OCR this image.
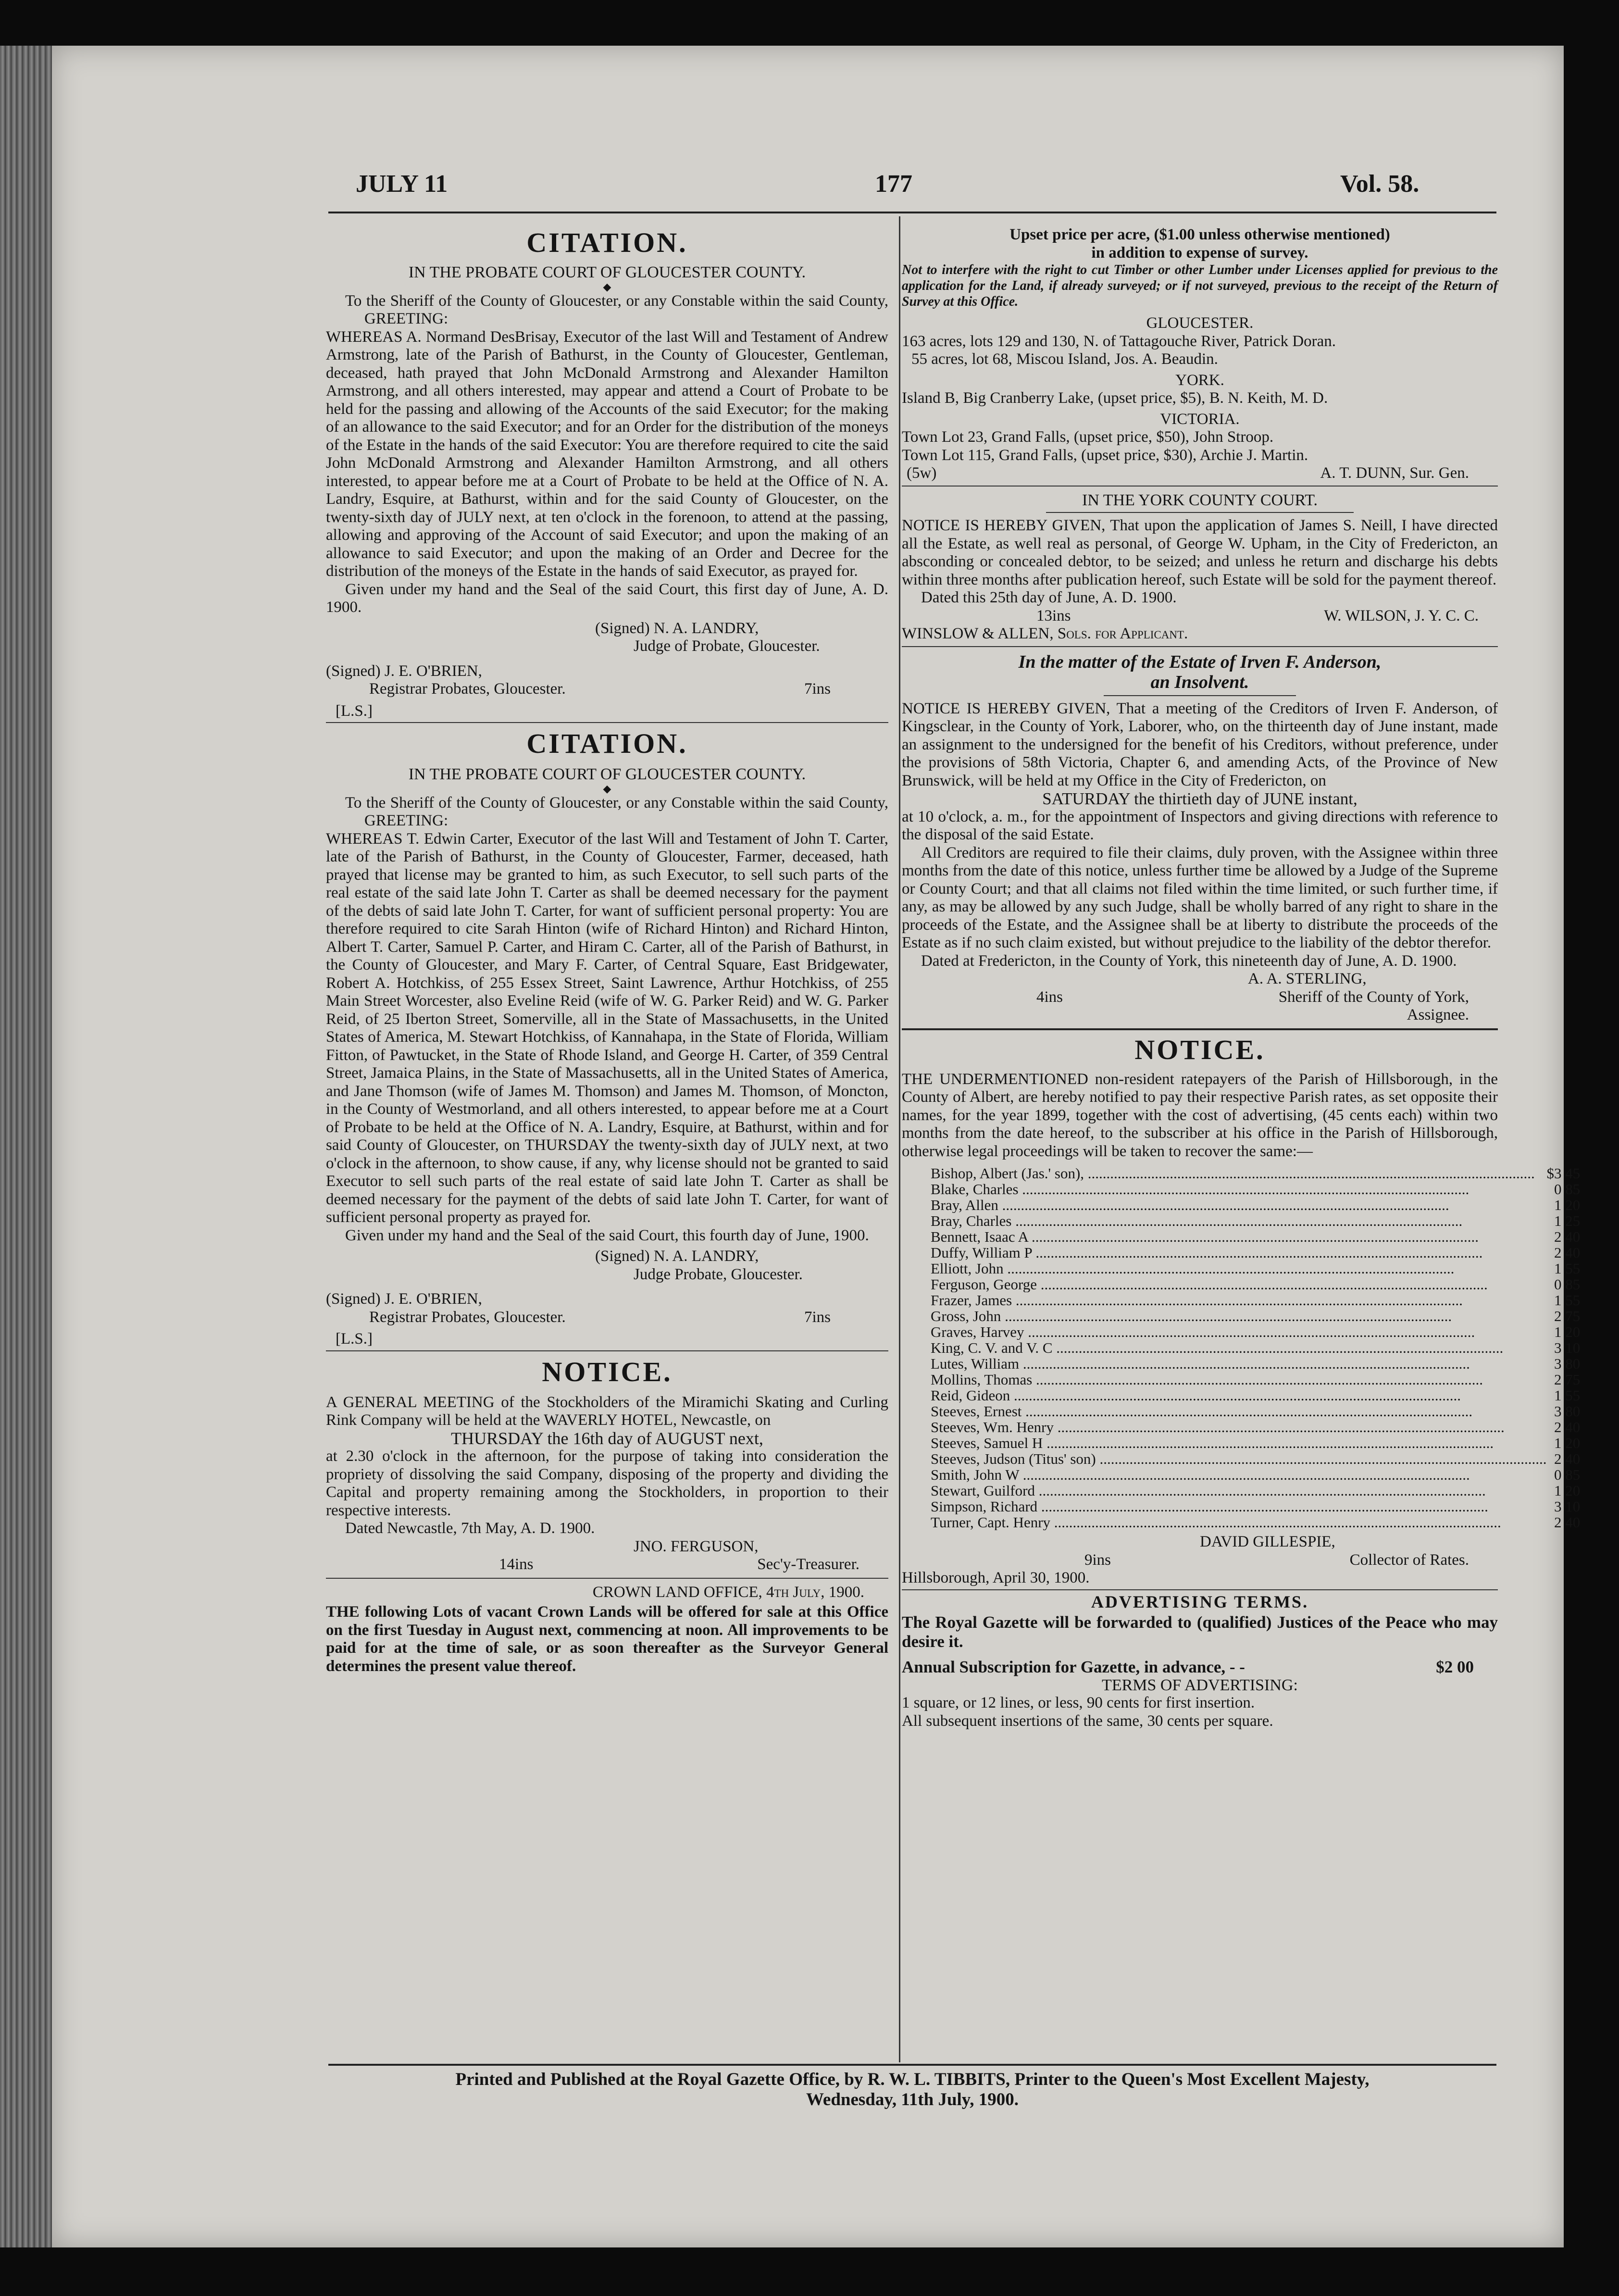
JULY 11	177	Vol. 58.
CITATION.

IN THE PROBATE COURT OF GLOUCESTER COUNTY.

◆

To the Sheriff of the County of Gloucester, or any Constable within the said County, GREETING:

WHEREAS A. Normand DesBrisay, Executor of the last Will and Testament of Andrew Armstrong, late of the Parish of Bathurst, in the County of Gloucester, Gentleman, deceased, hath prayed that John McDonald Armstrong and Alexander Hamilton Armstrong, and all others interested, may appear and attend a Court of Probate to be held for the passing and allowing of the Accounts of the said Executor; for the making of an allowance to the said Executor; and for an Order for the distribution of the moneys of the Estate in the hands of the said Executor: You are therefore required to cite the said John McDonald Armstrong and Alexander Hamilton Armstrong, and all others interested, to appear before me at a Court of Probate to be held at the Office of N. A. Landry, Esquire, at Bathurst, within and for the said County of Gloucester, on the twenty-sixth day of JULY next, at ten o'clock in the forenoon, to attend at the passing, allowing and approving of the Account of said Executor; and upon the making of an allowance to said Executor; and upon the making of an Order and Decree for the distribution of the moneys of the Estate in the hands of said Executor, as prayed for.

Given under my hand and the Seal of the said Court, this first day of June, A. D. 1900.

(Signed) N. A. LANDRY,

Judge of Probate, Gloucester.

(Signed) J. E. O'BRIEN,

Registrar Probates, Gloucester.	7ins

[L.S.]

CITATION.

IN THE PROBATE COURT OF GLOUCESTER COUNTY.

◆

To the Sheriff of the County of Gloucester, or any Constable within the said County, GREETING:

WHEREAS T. Edwin Carter, Executor of the last Will and Testament of John T. Carter, late of the Parish of Bathurst, in the County of Gloucester, Farmer, deceased, hath prayed that license may be granted to him, as such Executor, to sell such parts of the real estate of the said late John T. Carter as shall be deemed necessary for the payment of the debts of said late John T. Carter, for want of sufficient personal property: You are therefore required to cite Sarah Hinton (wife of Richard Hinton) and Richard Hinton, Albert T. Carter, Samuel P. Carter, and Hiram C. Carter, all of the Parish of Bathurst, in the County of Gloucester, and Mary F. Carter, of Central Square, East Bridgewater, Robert A. Hotchkiss, of 255 Essex Street, Saint Lawrence, Arthur Hotchkiss, of 255 Main Street Worcester, also Eveline Reid (wife of W. G. Parker Reid) and W. G. Parker Reid, of 25 Iberton Street, Somerville, all in the State of Massachusetts, in the United States of America, M. Stewart Hotchkiss, of Kannahapa, in the State of Florida, William Fitton, of Pawtucket, in the State of Rhode Island, and George H. Carter, of 359 Central Street, Jamaica Plains, in the State of Massachusetts, all in the United States of America, and Jane Thomson (wife of James M. Thomson) and James M. Thomson, of Moncton, in the County of Westmorland, and all others interested, to appear before me at a Court of Probate to be held at the Office of N. A. Landry, Esquire, at Bathurst, within and for said County of Gloucester, on THURSDAY the twenty-sixth day of JULY next, at two o'clock in the afternoon, to show cause, if any, why license should not be granted to said Executor to sell such parts of the real estate of said late John T. Carter as shall be deemed necessary for the payment of the debts of said late John T. Carter, for want of sufficient personal property as prayed for.

Given under my hand and the Seal of the said Court, this fourth day of June, 1900.

(Signed) N. A. LANDRY,

Judge Probate, Gloucester.

(Signed) J. E. O'BRIEN,

Registrar Probates, Gloucester.	7ins

[L.S.]

NOTICE.

A GENERAL MEETING of the Stockholders of the Miramichi Skating and Curling Rink Company will be held at the WAVERLY HOTEL, Newcastle, on

THURSDAY the 16th day of AUGUST next,

at 2.30 o'clock in the afternoon, for the purpose of taking into consideration the propriety of dissolving the said Company, disposing of the property and dividing the Capital and property remaining among the Stockholders, in proportion to their respective interests.

Dated Newcastle, 7th May, A. D. 1900.

JNO. FERGUSON,

14ins	Sec'y-Treasurer.

CROWN LAND OFFICE, 4th July, 1900.

THE following Lots of vacant Crown Lands will be offered for sale at this Office on the first Tuesday in August next, commencing at noon. All improvements to be paid for at the time of sale, or as soon thereafter as the Surveyor General determines the present value thereof.

Upset price per acre, ($1.00 unless otherwise mentioned)

in addition to expense of survey.

Not to interfere with the right to cut Timber or other Lumber under Licenses applied for previous to the application for the Land, if already surveyed; or if not surveyed, previous to the receipt of the Return of Survey at this Office.

GLOUCESTER.

163 acres, lots 129 and 130, N. of Tattagouche River, Patrick Doran.

55 acres, lot 68, Miscou Island, Jos. A. Beaudin.

YORK.

Island B, Big Cranberry Lake, (upset price, $5), B. N. Keith, M. D.

VICTORIA.

Town Lot 23, Grand Falls, (upset price, $50), John Stroop.

Town Lot 115, Grand Falls, (upset price, $30), Archie J. Martin.

(5w)	A. T. DUNN, Sur. Gen.

IN THE YORK COUNTY COURT.

NOTICE IS HEREBY GIVEN, That upon the application of James S. Neill, I have directed all the Estate, as well real as personal, of George W. Upham, in the City of Fredericton, an absconding or concealed debtor, to be seized; and unless he return and discharge his debts within three months after publication hereof, such Estate will be sold for the payment thereof.

Dated this 25th day of June, A. D. 1900.

13ins	W. WILSON, J. Y. C. C.

WINSLOW & ALLEN, Sols. for Applicant.

In the matter of the Estate of Irven F. Anderson,

an Insolvent.

NOTICE IS HEREBY GIVEN, That a meeting of the Creditors of Irven F. Anderson, of Kingsclear, in the County of York, Laborer, who, on the thirteenth day of June instant, made an assignment to the undersigned for the benefit of his Creditors, without preference, under the provisions of 58th Victoria, Chapter 6, and amending Acts, of the Province of New Brunswick, will be held at my Office in the City of Fredericton, on

SATURDAY the thirtieth day of JUNE instant,

at 10 o'clock, a. m., for the appointment of Inspectors and giving directions with reference to the disposal of the said Estate.

All Creditors are required to file their claims, duly proven, with the Assignee within three months from the date of this notice, unless further time be allowed by a Judge of the Supreme or County Court; and that all claims not filed within the time limited, or such further time, if any, as may be allowed by any such Judge, shall be wholly barred of any right to share in the proceeds of the Estate, and the Assignee shall be at liberty to distribute the proceeds of the Estate as if no such claim existed, but without prejudice to the liability of the debtor therefor.

Dated at Fredericton, in the County of York, this nineteenth day of June, A. D. 1900.

A. A. STERLING,

4ins	Sheriff of the County of York,

Assignee.

NOTICE.

THE UNDERMENTIONED non-resident ratepayers of the Parish of Hillsborough, in the County of Albert, are hereby notified to pay their respective Parish rates, as set opposite their names, for the year 1899, together with the cost of advertising, (45 cents each) within two months from the date hereof, to the subscriber at his office in the Parish of Hillsborough, otherwise legal proceedings will be taken to recover the same:—

Bishop, Albert (Jas.' son), ........................................................................................................................	$3 45
Blake, Charles ........................................................................................................................	0 85
Bray, Allen ........................................................................................................................	1 20
Bray, Charles ........................................................................................................................	1 25
Bennett, Isaac A ........................................................................................................................	2 40
Duffy, William P ........................................................................................................................	2 40
Elliott, John ........................................................................................................................	1 55
Ferguson, George ........................................................................................................................	0 85
Frazer, James ........................................................................................................................	1 55
Gross, John ........................................................................................................................	2 75
Graves, Harvey ........................................................................................................................	1 20
King, C. V. and V. C ........................................................................................................................	3 10
Lutes, William ........................................................................................................................	3 80
Mollins, Thomas ........................................................................................................................	2 75
Reid, Gideon ........................................................................................................................	1 55
Steeves, Ernest ........................................................................................................................	3 80
Steeves, Wm. Henry ........................................................................................................................	2 40
Steeves, Samuel H ........................................................................................................................	1 20
Steeves, Judson (Titus' son) ........................................................................................................................	2 40
Smith, John W ........................................................................................................................	0 85
Stewart, Guilford ........................................................................................................................	1 20
Simpson, Richard ........................................................................................................................	3 10
Turner, Capt. Henry ........................................................................................................................	2 40

DAVID GILLESPIE,

9ins	Collector of Rates.

Hillsborough, April 30, 1900.

ADVERTISING TERMS.

The Royal Gazette will be forwarded to (qualified) Justices of the Peace who may desire it.

Annual Subscription for Gazette, in advance, - -	$2 00

TERMS OF ADVERTISING:

1 square, or 12 lines, or less, 90 cents for first insertion.

All subsequent insertions of the same, 30 cents per square.

Printed and Published at the Royal Gazette Office, by R. W. L. TIBBITS, Printer to the Queen's Most Excellent Majesty,
Wednesday, 11th July, 1900.
